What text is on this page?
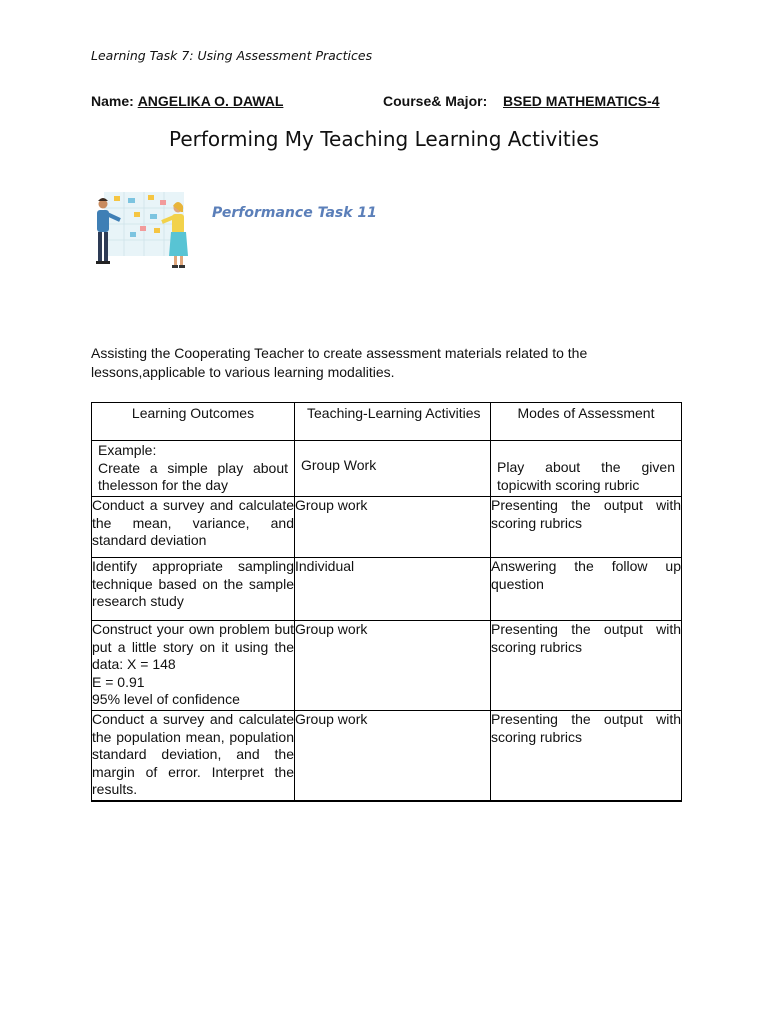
Learning Task 7: Using Assessment Practices
Name: ANGELIKA O. DAWAL	Course& Major: BSED MATHEMATICS-4
Performing My Teaching Learning Activities
Performance Task 11
Assisting the Cooperating Teacher to create assessment materials related to the lessons,applicable to various learning modalities.
Learning Outcomes	Teaching-Learning Activities	Modes of Assessment

Example:
Create a simple play about thelesson for the day	Group Work	Play about the given topicwith scoring rubric

Conduct a survey and calculate the mean, variance, and standard deviation	Group work	Presenting the output with scoring rubrics

Identify appropriate sampling technique based on the sample research study	Individual	Answering the follow up question

Construct your own problem but put a little story on it using the data: X = 148
E = 0.91
95% level of confidence	Group work	Presenting the output with scoring rubrics

Conduct a survey and calculate the population mean, population standard deviation, and the margin of error. Interpret the results.	Group work	Presenting the output with scoring rubrics
